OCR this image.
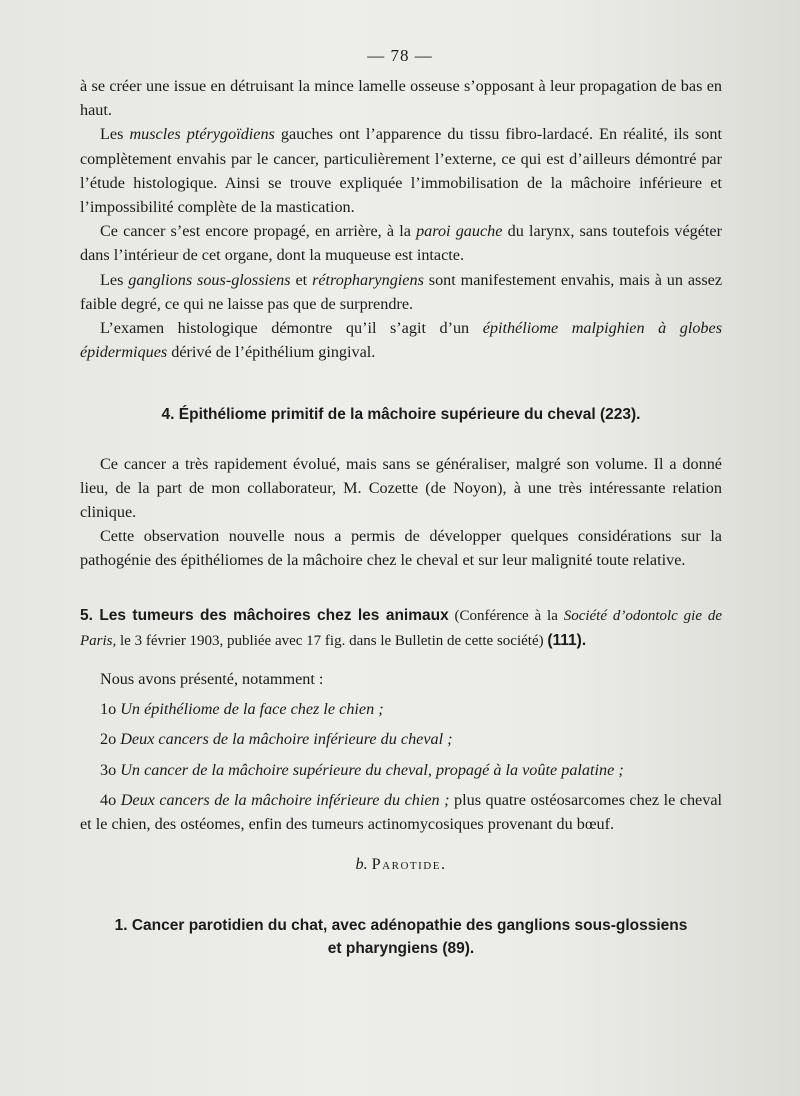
— 78 —

à se créer une issue en détruisant la mince lamelle osseuse s’opposant à leur propagation de bas en haut.

Les muscles ptérygoïdiens gauches ont l’apparence du tissu fibro-lardacé. En réalité, ils sont complètement envahis par le cancer, particulièrement l’externe, ce qui est d’ailleurs démontré par l’étude histologique. Ainsi se trouve expliquée l’immobilisation de la mâchoire inférieure et l’impossibilité complète de la mastication.

Ce cancer s’est encore propagé, en arrière, à la paroi gauche du larynx, sans toutefois végéter dans l’intérieur de cet organe, dont la muqueuse est intacte.

Les ganglions sous-glossiens et rétropharyngiens sont manifestement envahis, mais à un assez faible degré, ce qui ne laisse pas que de surprendre.

L’examen histologique démontre qu’il s’agit d’un épithéliome malpighien à globes épidermiques dérivé de l’épithélium gingival.

4. Épithéliome primitif de la mâchoire supérieure du cheval (223).

Ce cancer a très rapidement évolué, mais sans se généraliser, malgré son volume. Il a donné lieu, de la part de mon collaborateur, M. Cozette (de Noyon), à une très intéressante relation clinique.

Cette observation nouvelle nous a permis de développer quelques considérations sur la pathogénie des épithéliomes de la mâchoire chez le cheval et sur leur malignité toute relative.

5. Les tumeurs des mâchoires chez les animaux (Conférence à la Société d’odontolc gie de Paris, le 3 février 1903, publiée avec 17 fig. dans le Bulletin de cette société) (111).

Nous avons présenté, notamment :

1o Un épithéliome de la face chez le chien ;

2o Deux cancers de la mâchoire inférieure du cheval ;

3o Un cancer de la mâchoire supérieure du cheval, propagé à la voûte palatine ;

4o Deux cancers de la mâchoire inférieure du chien ; plus quatre ostéosarcomes chez le cheval et le chien, des ostéomes, enfin des tumeurs actinomycosiques provenant du bœuf.

b. Parotide.

1. Cancer parotidien du chat, avec adénopathie des ganglions sous-glossiens
et pharyngiens (89).
